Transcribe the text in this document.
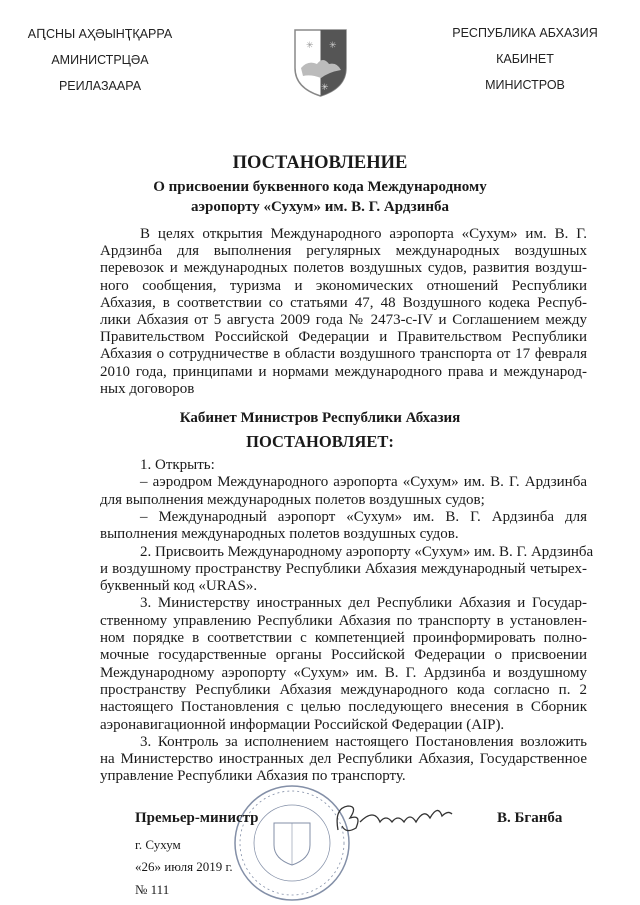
АԤСНЫ АҲӘЫНҬҚАРРА
АМИНИСТРЦӘА
РЕИЛАЗААРА
✳ ✳
✳
РЕСПУБЛИКА АБХАЗИЯ
КАБИНЕТ
МИНИСТРОВ
ПОСТАНОВЛЕНИЕ
О присвоении буквенного кода Международному
аэропорту «Сухум» им. В. Г. Ардзинба
В целях открытия Международного аэропорта «Сухум» им. В. Г.
Ардзинба для выполнения регулярных международных воздушных
перевозок и международных полетов воздушных судов, развития воздуш-
ного сообщения, туризма и экономических отношений Республики
Абхазия, в соответствии со статьями 47, 48 Воздушного кодека Респуб-
лики Абхазия от 5 августа 2009 года № 2473-с-IV и Соглашением между
Правительством Российской Федерации и Правительством Республики
Абхазия о сотрудничестве в области воздушного транспорта от 17 февраля
2010 года, принципами и нормами международного права и международ-
ных договоров
Кабинет Министров Республики Абхазия
ПОСТАНОВЛЯЕТ:
1. Открыть:
– аэродром Международного аэропорта «Сухум» им. В. Г. Ардзинба
для выполнения международных полетов воздушных судов;
– Международный аэропорт «Сухум» им. В. Г. Ардзинба для
выполнения международных полетов воздушных судов.
2. Присвоить Международному аэропорту «Сухум» им. В. Г. Ардзинба
и воздушному пространству Республики Абхазия международный четырех-
буквенный код «URAS».
3. Министерству иностранных дел Республики Абхазия и Государ-
ственному управлению Республики Абхазия по транспорту в установлен-
ном порядке в соответствии с компетенцией проинформировать полно-
мочные государственные органы Российской Федерации о присвоении
Международному аэропорту «Сухум» им. В. Г. Ардзинба и воздушному
пространству Республики Абхазия международного кода согласно п. 2
настоящего Постановления с целью последующего внесения в Сборник
аэронавигационной информации Российской Федерации (AIP).
3. Контроль за исполнением настоящего Постановления возложить
на Министерство иностранных дел Республики Абхазия, Государственное
управление Республики Абхазия по транспорту.
Премьер-министр	В. Бганба
г. Сухум
«26» июля 2019 г.
№ 111
